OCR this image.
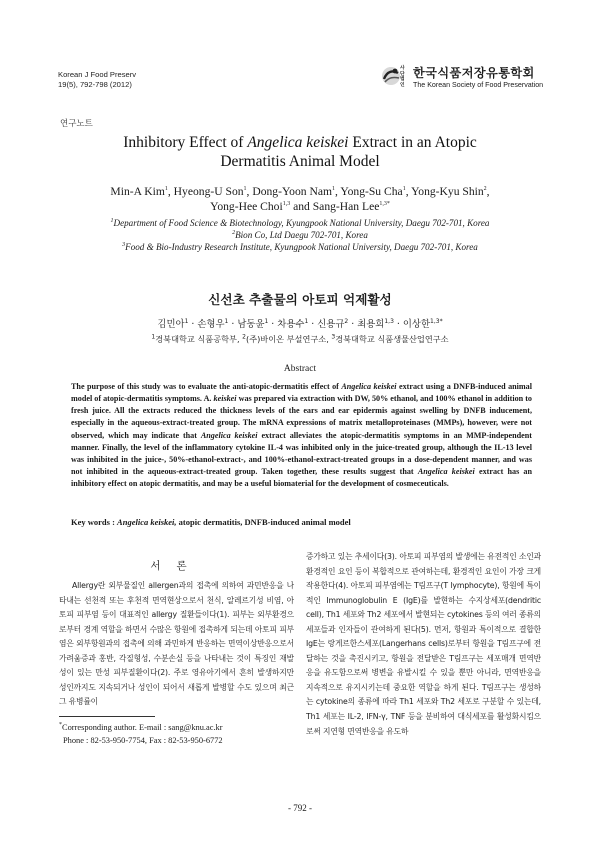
Korean J Food Preserv
19(5), 792-798 (2012)
사단법인
한국식품저장유통학회
The Korean Society of Food Preservation
연구노트
Inhibitory Effect of Angelica keiskei Extract in an Atopic
Dermatitis Animal Model
Min-A Kim$^1$, Hyeong-U Son$^1$, Dong-Yoon Nam$^1$, Yong-Su Cha$^1$, Yong-Kyu Shin$^2$,
Yong-Hee Choi$^{1,3}$ and Sang-Han Lee$^{1,3*}$
$^1$Department of Food Science & Biotechnology, Kyungpook National University, Daegu 702-701, Korea
$^2$Bion Co, Ltd Daegu 702-701, Korea
$^3$Food & Bio-Industry Research Institute, Kyungpook National University, Daegu 702-701, Korea
신선초 추출물의 아토피 억제활성
김민아$^1$ · 손형우$^1$ · 남동윤$^1$ · 차용수$^1$ · 신용규$^2$ · 최용희$^{1,3}$ · 이상한$^{1,3*}$
$^1$경북대학교 식품공학부, $^2$(주)바이온 부설연구소, $^3$경북대학교 식품생물산업연구소
Abstract
The purpose of this study was to evaluate the anti-atopic-dermatitis effect of Angelica keiskei extract using a DNFB-induced animal model of atopic-dermatitis symptoms. A. keiskei was prepared via extraction with DW, 50% ethanol, and 100% ethanol in addition to fresh juice. All the extracts reduced the thickness levels of the ears and ear epidermis against swelling by DNFB inducement, especially in the aqueous-extract-treated group. The mRNA expressions of matrix metalloproteinases (MMPs), however, were not observed, which may indicate that Angelica keiskei extract alleviates the atopic-dermatitis symptoms in an MMP-independent manner. Finally, the level of the inflammatory cytokine IL-4 was inhibited only in the juice-treated group, although the IL-13 level was inhibited in the juice-, 50%-ethanol-extract-, and 100%-ethanol-extract-treated groups in a dose-dependent manner, and was not inhibited in the aqueous-extract-treated group. Taken together, these results suggest that Angelica keiskei extract has an inhibitory effect on atopic dermatitis, and may be a useful biomaterial for the development of cosmeceuticals.
Key words : Angelica keiskei, atopic dermatitis, DNFB-induced animal model
서론
Allergy란 외부물질인 allergen과의 접촉에 의하여 과민반응을 나타내는 선천적 또는 후천적 면역현상으로서 천식, 알레르기성 비염, 아토피 피부염 등이 대표적인 allergy 질환들이다(1). 피부는 외부환경으로부터 경계 역할을 하면서 수많은 항원에 접촉하게 되는데 아토피 피부염은 외부항원과의 접촉에 의해 과민하게 반응하는 면역이상반응으로서 가려움증과 홍반, 각질형성, 수분손실 등을 나타내는 것이 특징인 재발성이 있는 만성 피부질환이다(2). 주로 영유아기에서 흔히 발생하지만 성인까지도 지속되거나 성인이 되어서 새롭게 발병할 수도 있으며 최근 그 유병률이
증가하고 있는 추세이다(3). 아토피 피부염의 발생에는 유전적인 소인과 환경적인 요인 등이 복합적으로 관여하는데, 환경적인 요인이 가장 크게 작용한다(4). 아토피 피부염에는 T림프구(T lymphocyte), 항원에 특이적인 Immunoglobulin E (IgE)를 발현하는 수지상세포(dendritic cell), Th1 세포와 Th2 세포에서 발현되는 cytokines 등의 여러 종류의 세포들과 인자들이 관여하게 된다(5). 먼저, 항원과 특이적으로 결합한 IgE는 랑게르한스세포(Langerhans cells)로부터 항원을 T림프구에 전달하는 것을 촉진시키고, 항원을 전달받은 T림프구는 세포매개 면역반응을 유도함으로써 병변을 유발시킬 수 있을 뿐만 아니라, 면역반응을 지속적으로 유지시키는데 중요한 역할을 하게 된다. T림프구는 생성하는 cytokine의 종류에 따라 Th1 세포와 Th2 세포로 구분할 수 있는데, Th1 세포는 IL-2, IFN-γ, TNF 등을 분비하여 대식세포를 활성화시킴으로써 지연형 면역반응을 유도하
*Corresponding author. E-mail : sang@knu.ac.kr
Phone : 82-53-950-7754, Fax : 82-53-950-6772
- 792 -
